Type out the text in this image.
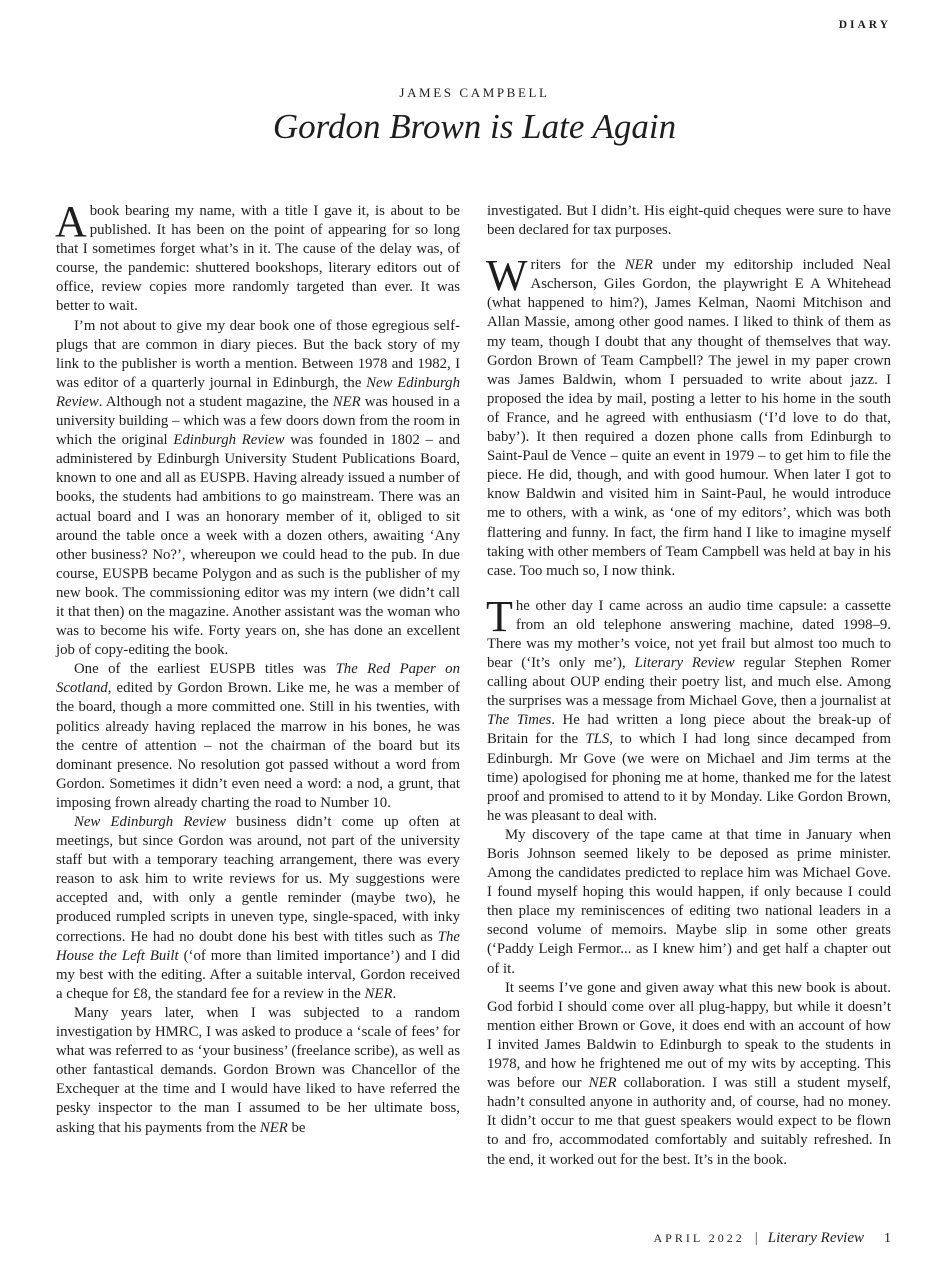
DIARY

JAMES CAMPBELL

Gordon Brown is Late Again

A book bearing my name, with a title I gave it, is about to be published. It has been on the point of appearing for so long that I sometimes forget what’s in it. The cause of the delay was, of course, the pandemic: shuttered bookshops, literary editors out of office, review copies more randomly targeted than ever. It was better to wait.

I’m not about to give my dear book one of those egregious self-plugs that are common in diary pieces. But the back story of my link to the publisher is worth a mention. Between 1978 and 1982, I was editor of a quarterly journal in Edinburgh, the New Edinburgh Review. Although not a student magazine, the NER was housed in a university building – which was a few doors down from the room in which the original Edinburgh Review was founded in 1802 – and administered by Edinburgh University Student Publications Board, known to one and all as EUSPB. Having already issued a number of books, the students had ambitions to go mainstream. There was an actual board and I was an honorary member of it, obliged to sit around the table once a week with a dozen others, awaiting ‘Any other business? No?’, whereupon we could head to the pub. In due course, EUSPB became Polygon and as such is the publisher of my new book. The commissioning editor was my intern (we didn’t call it that then) on the magazine. Another assistant was the woman who was to become his wife. Forty years on, she has done an excellent job of copy-editing the book.

One of the earliest EUSPB titles was The Red Paper on Scotland, edited by Gordon Brown. Like me, he was a member of the board, though a more committed one. Still in his twenties, with politics already having replaced the marrow in his bones, he was the centre of attention – not the chairman of the board but its dominant presence. No resolution got passed without a word from Gordon. Sometimes it didn’t even need a word: a nod, a grunt, that imposing frown already charting the road to Number 10.

New Edinburgh Review business didn’t come up often at meetings, but since Gordon was around, not part of the university staff but with a temporary teaching arrangement, there was every reason to ask him to write reviews for us. My suggestions were accepted and, with only a gentle reminder (maybe two), he produced rumpled scripts in uneven type, single-spaced, with inky corrections. He had no doubt done his best with titles such as The House the Left Built (‘of more than limited importance’) and I did my best with the editing. After a suitable interval, Gordon received a cheque for £8, the standard fee for a review in the NER.

Many years later, when I was subjected to a random investigation by HMRC, I was asked to produce a ‘scale of fees’ for what was referred to as ‘your business’ (freelance scribe), as well as other fantastical demands. Gordon Brown was Chancellor of the Exchequer at the time and I would have liked to have referred the pesky inspector to the man I assumed to be her ultimate boss, asking that his payments from the NER be

investigated. But I didn’t. His eight-quid cheques were sure to have been declared for tax purposes.

Writers for the NER under my editorship included Neal Ascherson, Giles Gordon, the playwright E A Whitehead (what happened to him?), James Kelman, Naomi Mitchison and Allan Massie, among other good names. I liked to think of them as my team, though I doubt that any thought of themselves that way. Gordon Brown of Team Campbell? The jewel in my paper crown was James Baldwin, whom I persuaded to write about jazz. I proposed the idea by mail, posting a letter to his home in the south of France, and he agreed with enthusiasm (‘I’d love to do that, baby’). It then required a dozen phone calls from Edinburgh to Saint-Paul de Vence – quite an event in 1979 – to get him to file the piece. He did, though, and with good humour. When later I got to know Baldwin and visited him in Saint-Paul, he would introduce me to others, with a wink, as ‘one of my editors’, which was both flattering and funny. In fact, the firm hand I like to imagine myself taking with other members of Team Campbell was held at bay in his case. Too much so, I now think.

The other day I came across an audio time capsule: a cassette from an old telephone answering machine, dated 1998–9. There was my mother’s voice, not yet frail but almost too much to bear (‘It’s only me’), Literary Review regular Stephen Romer calling about OUP ending their poetry list, and much else. Among the surprises was a message from Michael Gove, then a journalist at The Times. He had written a long piece about the break-up of Britain for the TLS, to which I had long since decamped from Edinburgh. Mr Gove (we were on Michael and Jim terms at the time) apologised for phoning me at home, thanked me for the latest proof and promised to attend to it by Monday. Like Gordon Brown, he was pleasant to deal with.

My discovery of the tape came at that time in January when Boris Johnson seemed likely to be deposed as prime minister. Among the candidates predicted to replace him was Michael Gove. I found myself hoping this would happen, if only because I could then place my reminiscences of editing two national leaders in a second volume of memoirs. Maybe slip in some other greats (‘Paddy Leigh Fermor... as I knew him’) and get half a chapter out of it.

It seems I’ve gone and given away what this new book is about. God forbid I should come over all plug-happy, but while it doesn’t mention either Brown or Gove, it does end with an account of how I invited James Baldwin to Edinburgh to speak to the students in 1978, and how he frightened me out of my wits by accepting. This was before our NER collaboration. I was still a student myself, hadn’t consulted anyone in authority and, of course, had no money. It didn’t occur to me that guest speakers would expect to be flown to and fro, accommodated comfortably and suitably refreshed. In the end, it worked out for the best. It’s in the book.

APRIL 2022 | Literary Review 1
